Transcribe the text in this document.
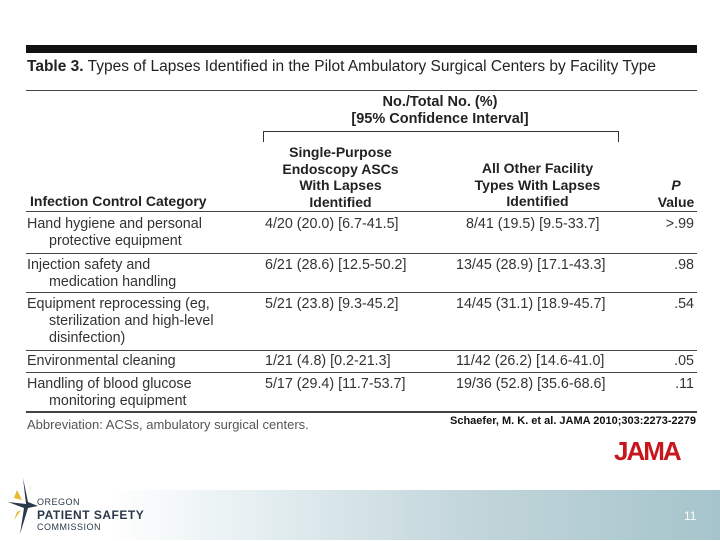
Table 3. Types of Lapses Identified in the Pilot Ambulatory Surgical Centers by Facility Type
No./Total No. (%)
[95% Confidence Interval]
Single-Purpose
Endoscopy ASCs
With Lapses
Identified
All Other Facility
Types With Lapses
Identified
P
Value
Infection Control Category
Hand hygiene and personal
protective equipment
4/20 (20.0) [6.7-41.5]	8/41 (19.5) [9.5-33.7]	>.99
Injection safety and
medication handling
6/21 (28.6) [12.5-50.2]	13/45 (28.9) [17.1-43.3]	.98
Equipment reprocessing (eg,
sterilization and high-level
disinfection)
5/21 (23.8) [9.3-45.2]	14/45 (31.1) [18.9-45.7]	.54
Environmental cleaning	1/21 (4.8) [0.2-21.3]	11/42 (26.2) [14.6-41.0]	.05
Handling of blood glucose
monitoring equipment
5/17 (29.4) [11.7-53.7]	19/36 (52.8) [35.6-68.6]	.11
Abbreviation: ACSs, ambulatory surgical centers.	Schaefer, M. K. et al. JAMA 2010;303:2273-2279
JAMA
OREGON
PATIENT SAFETY
COMMISSION
11
